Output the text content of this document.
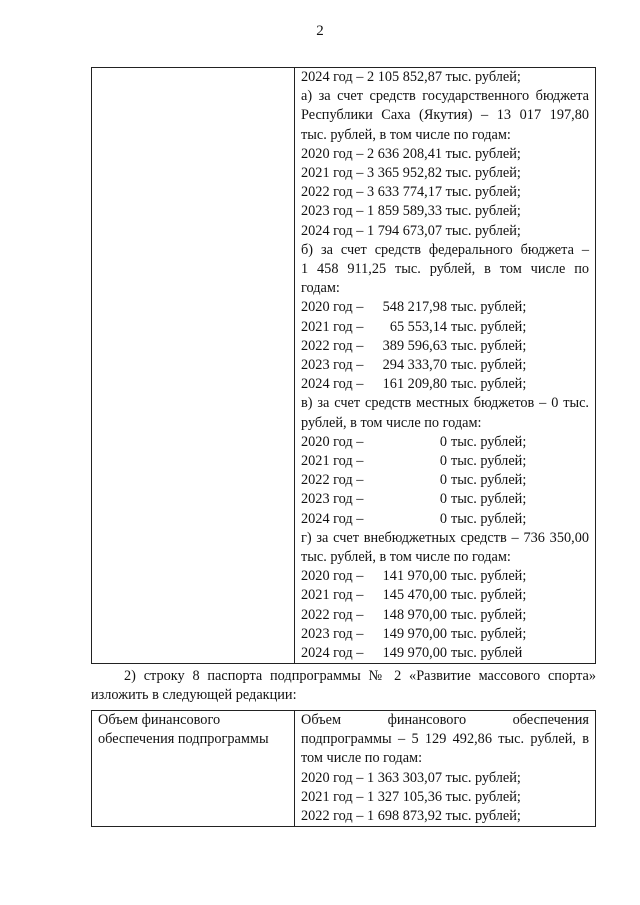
2

2024 год – 2 105 852,87 тыс. рублей;
а) за счет средств государственного бюджета
Республики Саха (Якутия) – 13 017 197,80
тыс. рублей, в том числе по годам:
2020 год – 2 636 208,41 тыс. рублей;
2021 год – 3 365 952,82 тыс. рублей;
2022 год – 3 633 774,17 тыс. рублей;
2023 год – 1 859 589,33 тыс. рублей;
2024 год – 1 794 673,07 тыс. рублей;
б) за счет средств федерального бюджета –
1 458 911,25 тыс. рублей, в том числе по
годам:
2020 год –	548 217,98 тыс. рублей;
2021 год –	65 553,14 тыс. рублей;
2022 год –	389 596,63 тыс. рублей;
2023 год –	294 333,70 тыс. рублей;
2024 год –	161 209,80 тыс. рублей;
в) за счет средств местных бюджетов – 0 тыс.
рублей, в том числе по годам:
2020 год –	0 тыс. рублей;
2021 год –	0 тыс. рублей;
2022 год –	0 тыс. рублей;
2023 год –	0 тыс. рублей;
2024 год –	0 тыс. рублей;
г) за счет внебюджетных средств – 736 350,00
тыс. рублей, в том числе по годам:
2020 год –	141 970,00 тыс. рублей;
2021 год –	145 470,00 тыс. рублей;
2022 год –	148 970,00 тыс. рублей;
2023 год –	149 970,00 тыс. рублей;
2024 год –	149 970,00 тыс. рублей
2) строку 8 паспорта подпрограммы № 2 «Развитие массового спорта»
изложить в следующей редакции:
Объем финансового
обеспечения подпрограммы

Объем финансового обеспечения
подпрограммы – 5 129 492,86 тыс. рублей, в
том числе по годам:
2020 год – 1 363 303,07 тыс. рублей;
2021 год – 1 327 105,36 тыс. рублей;
2022 год – 1 698 873,92 тыс. рублей;
